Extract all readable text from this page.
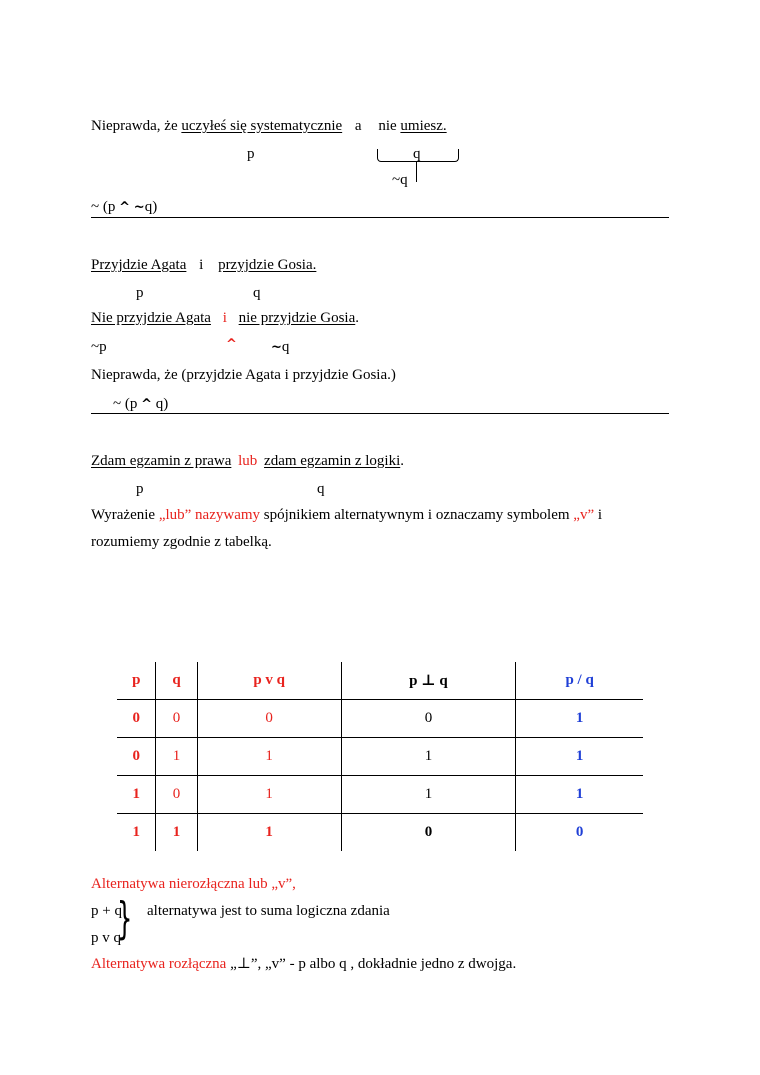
Nieprawda, że uczyłeś się systematycznie a nie umiesz.
p	q
~q
~ (p ^ ~q)
Przyjdzie Agata i przyjdzie Gosia.
p	q
Nie przyjdzie Agata i nie przyjdzie Gosia.
~p	^	~q
Nieprawda, że (przyjdzie Agata i przyjdzie Gosia.)
~ (p ^ q)
Zdam egzamin z prawa lub zdam egzamin z logiki.
p	q
Wyrażenie „lub” nazywamy spójnikiem alternatywnym i oznaczamy symbolem „v” i
rozumiemy zgodnie z tabelką.
p	q	p v q	p ⊥ q	p / q
0	0	0	0	1
0	1	1	1	1
1	0	1	1	1
1	1	1	0	0
Alternatywa nierozłączna lub „v”,
p + q
p v q
} alternatywa jest to suma logiczna zdania
Alternatywa rozłączna „⊥”, „v” - p albo q , dokładnie jedno z dwojga.
